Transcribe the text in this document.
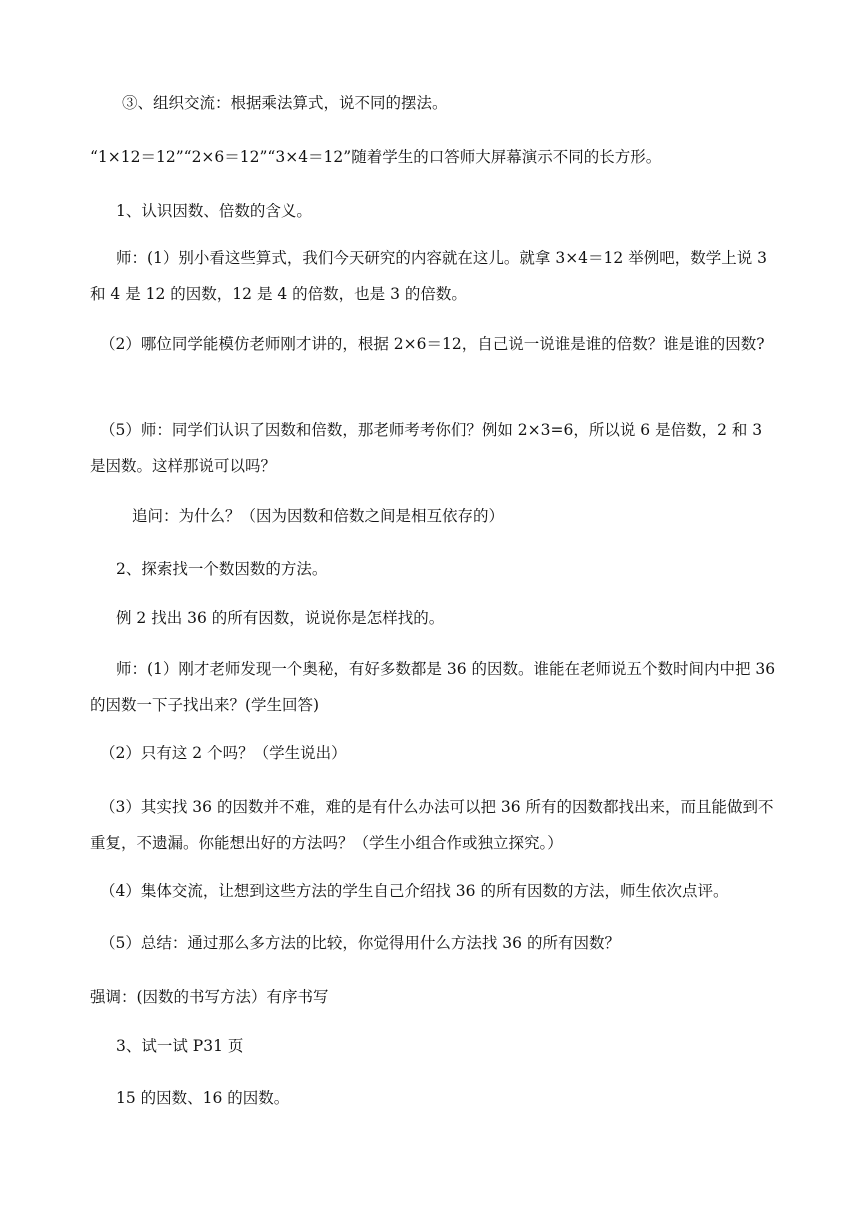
③、组织交流：根据乘法算式，说不同的摆法。

“1×12＝12”“2×6＝12”“3×4＝12”随着学生的口答师大屏幕演示不同的长方形。

1、认识因数、倍数的含义。

师：(1）别小看这些算式，我们今天研究的内容就在这儿。就拿 3×4＝12 举例吧，数学上说 3 和 4 是 12 的因数，12 是 4 的倍数，也是 3 的倍数。

（2）哪位同学能模仿老师刚才讲的，根据 2×6＝12，自己说一说谁是谁的倍数？谁是谁的因数?

（5）师：同学们认识了因数和倍数，那老师考考你们？例如 2×3=6，所以说 6 是倍数，2 和 3 是因数。这样那说可以吗？

追问：为什么？（因为因数和倍数之间是相互依存的）

2、探索找一个数因数的方法。

例 2 找出 36 的所有因数，说说你是怎样找的。

师：(1）刚才老师发现一个奥秘，有好多数都是 36 的因数。谁能在老师说五个数时间内中把 36 的因数一下子找出来？(学生回答)

（2）只有这 2 个吗？（学生说出）

（3）其实找 36 的因数并不难，难的是有什么办法可以把 36 所有的因数都找出来，而且能做到不重复，不遗漏。你能想出好的方法吗？（学生小组合作或独立探究。）

（4）集体交流，让想到这些方法的学生自己介绍找 36 的所有因数的方法，师生依次点评。

（5）总结：通过那么多方法的比较，你觉得用什么方法找 36 的所有因数？

强调：(因数的书写方法）有序书写

3、试一试 P31 页

15 的因数、16 的因数。
